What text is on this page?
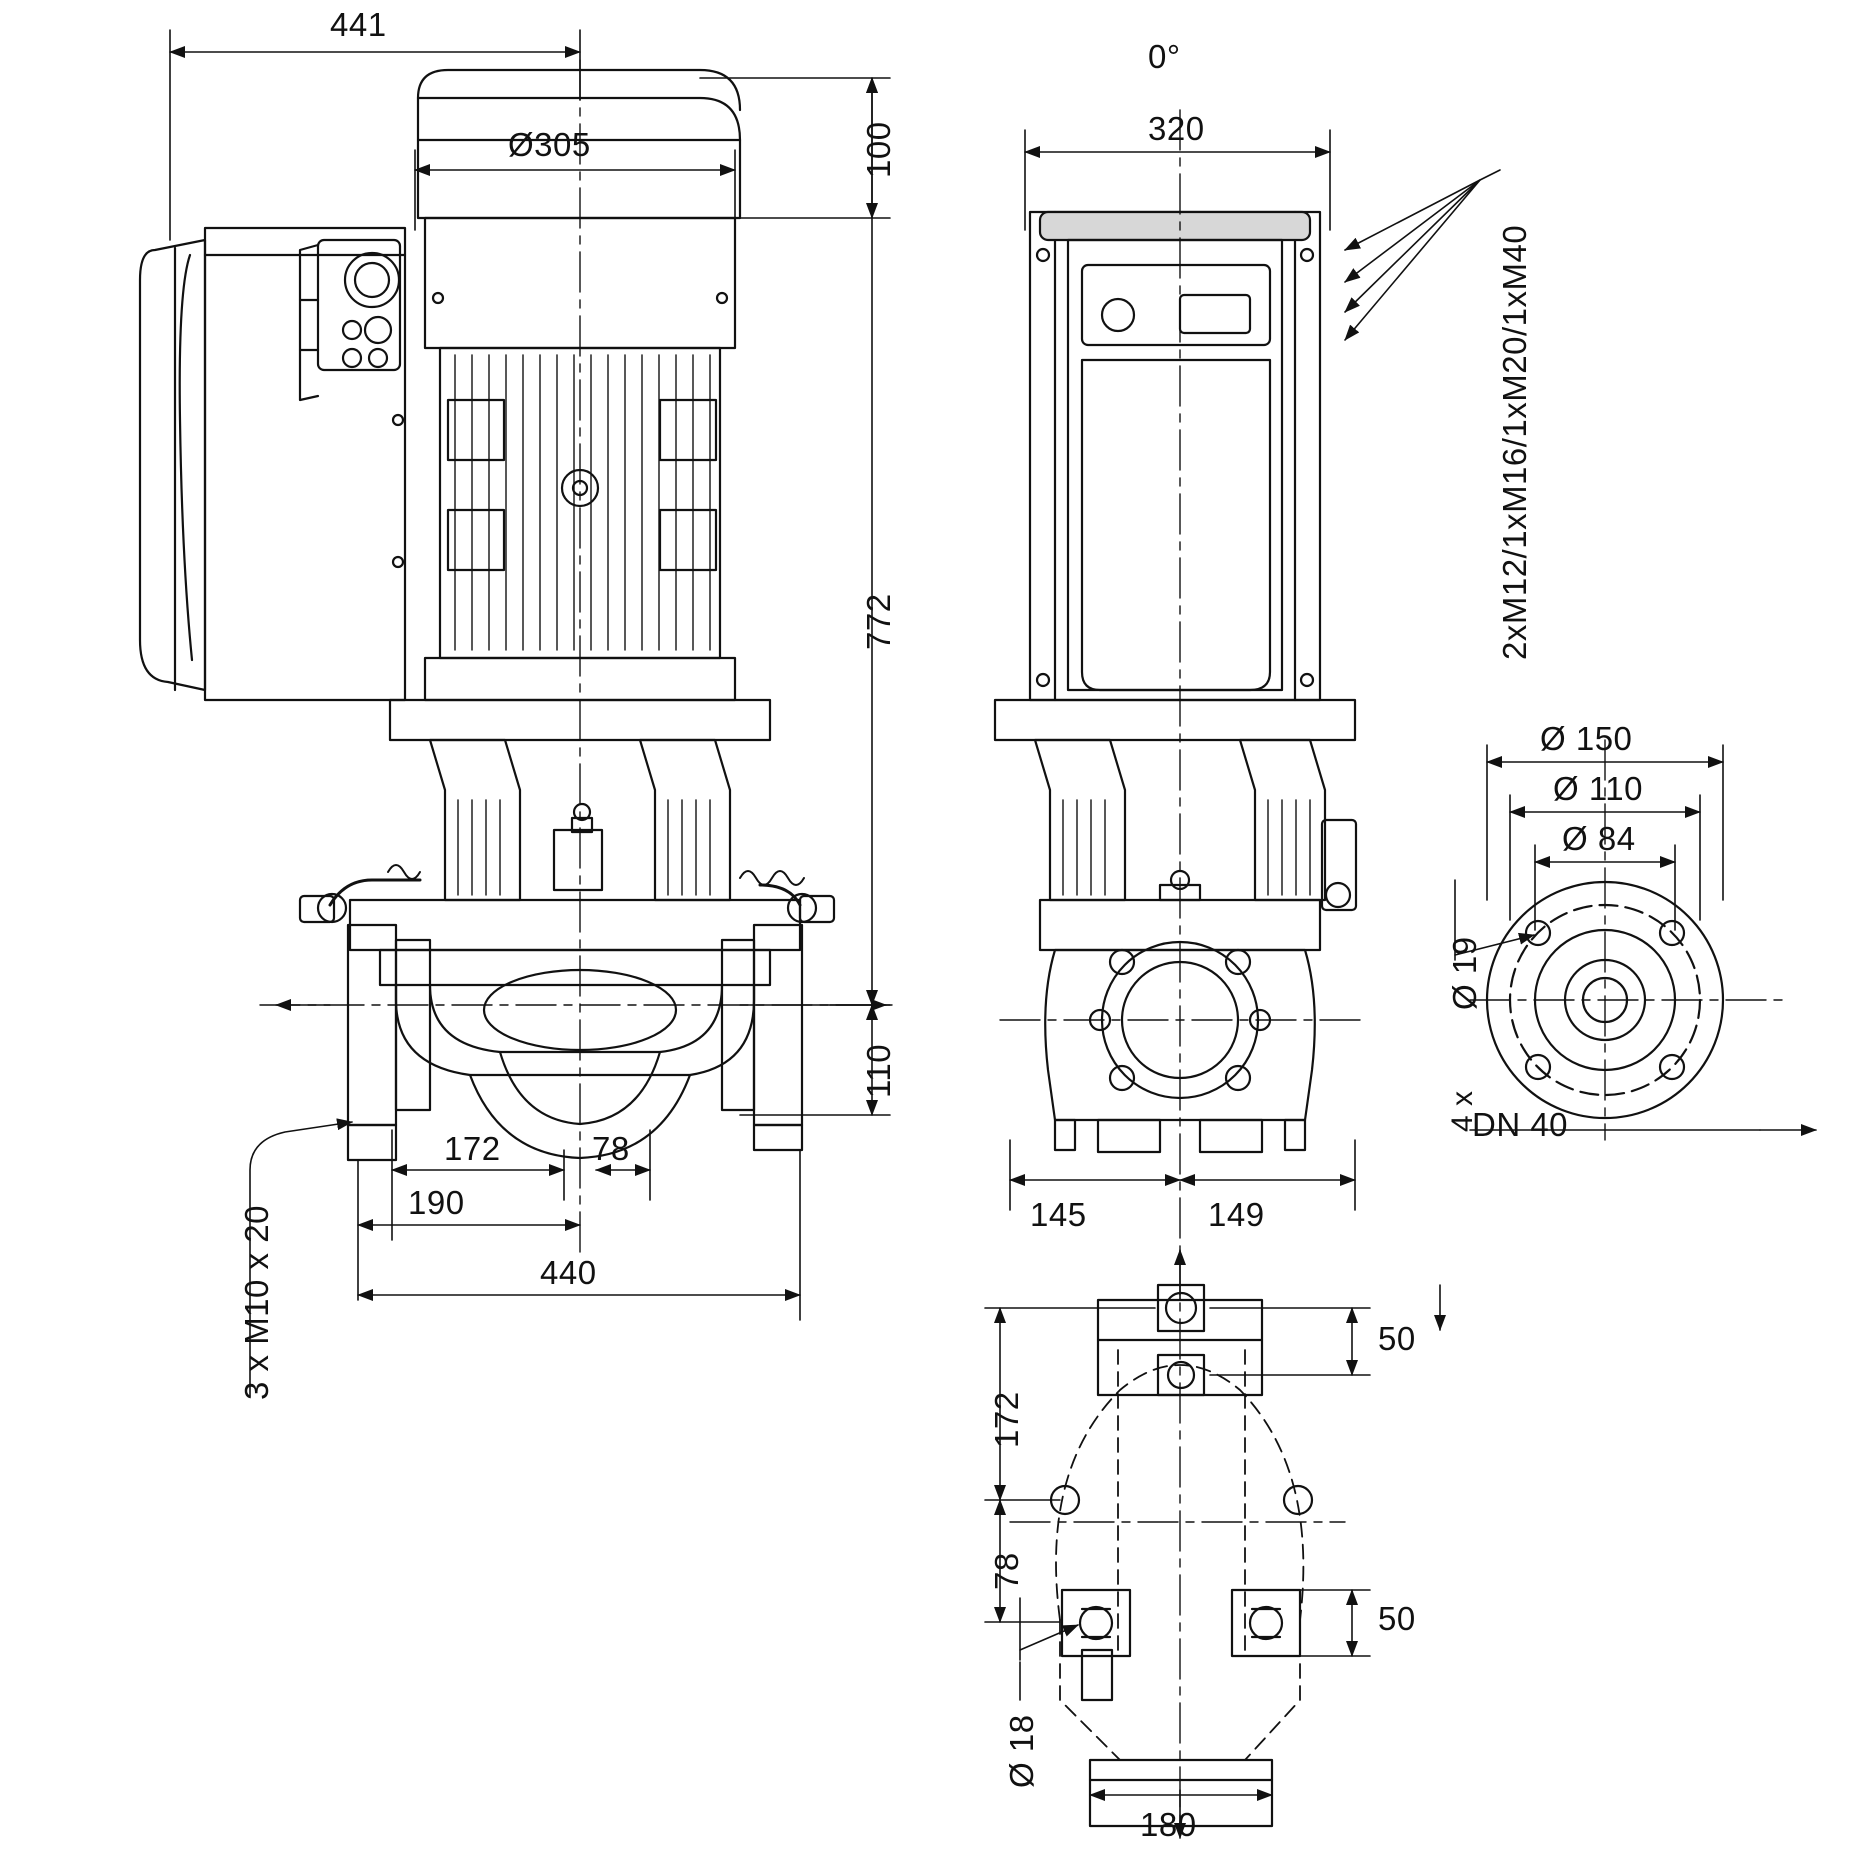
441
Ø305	100
772
110
172	78
190
440
3 x M10 x 20
0°
320
2xM12/1xM16/1xM20/1xM40
145	149
Ø 150
Ø 110
Ø 84
Ø 19
4 x
DN 40
172
78
50
50
Ø 18
180
